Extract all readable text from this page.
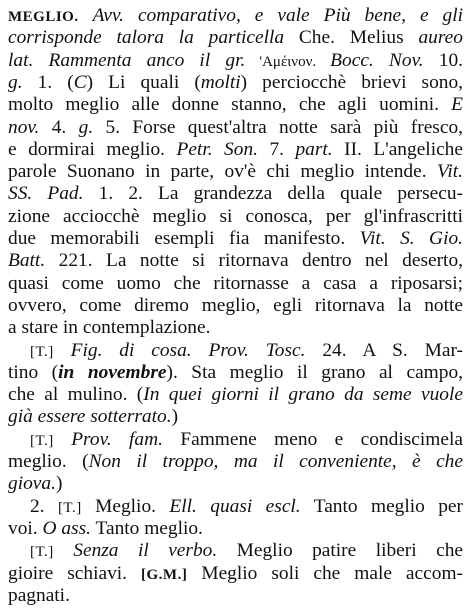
MEGLIO. Avv. comparativo, e vale Più bene, e gli
corrisponde talora la particella Che. Melius aureo
lat. Rammenta anco il gr. 'Αμέινον. Bocc. Nov. 10.
g. 1. (C) Li quali (molti) perciocchè brievi sono,
molto meglio alle donne stanno, che agli uomini. E
nov. 4. g. 5. Forse quest'altra notte sarà più fresco,
e dormirai meglio. Petr. Son. 7. part. II. L'angeliche
parole Suonano in parte, ov'è chi meglio intende. Vit.
SS. Pad. 1. 2. La grandezza della quale persecu-
zione acciocchè meglio si conosca, per gl'infrascritti
due memorabili esempli fia manifesto. Vit. S. Gio.
Batt. 221. La notte si ritornava dentro nel deserto,
quasi come uomo che ritornasse a casa a riposarsi;
ovvero, come diremo meglio, egli ritornava la notte
a stare in contemplazione.
[T.] Fig. di cosa. Prov. Tosc. 24. A S. Mar-
tino (in novembre). Sta meglio il grano al campo,
che al mulino. (In quei giorni il grano da seme vuole
già essere sotterrato.)
[T.] Prov. fam. Fammene meno e condiscimela
meglio. (Non il troppo, ma il conveniente, è che
giova.)
2. [T.] Meglio. Ell. quasi escl. Tanto meglio per
voi. O ass. Tanto meglio.
[T.] Senza il verbo. Meglio patire liberi che
gioire schiavi. [G.M.] Meglio soli che male accom-
pagnati.
